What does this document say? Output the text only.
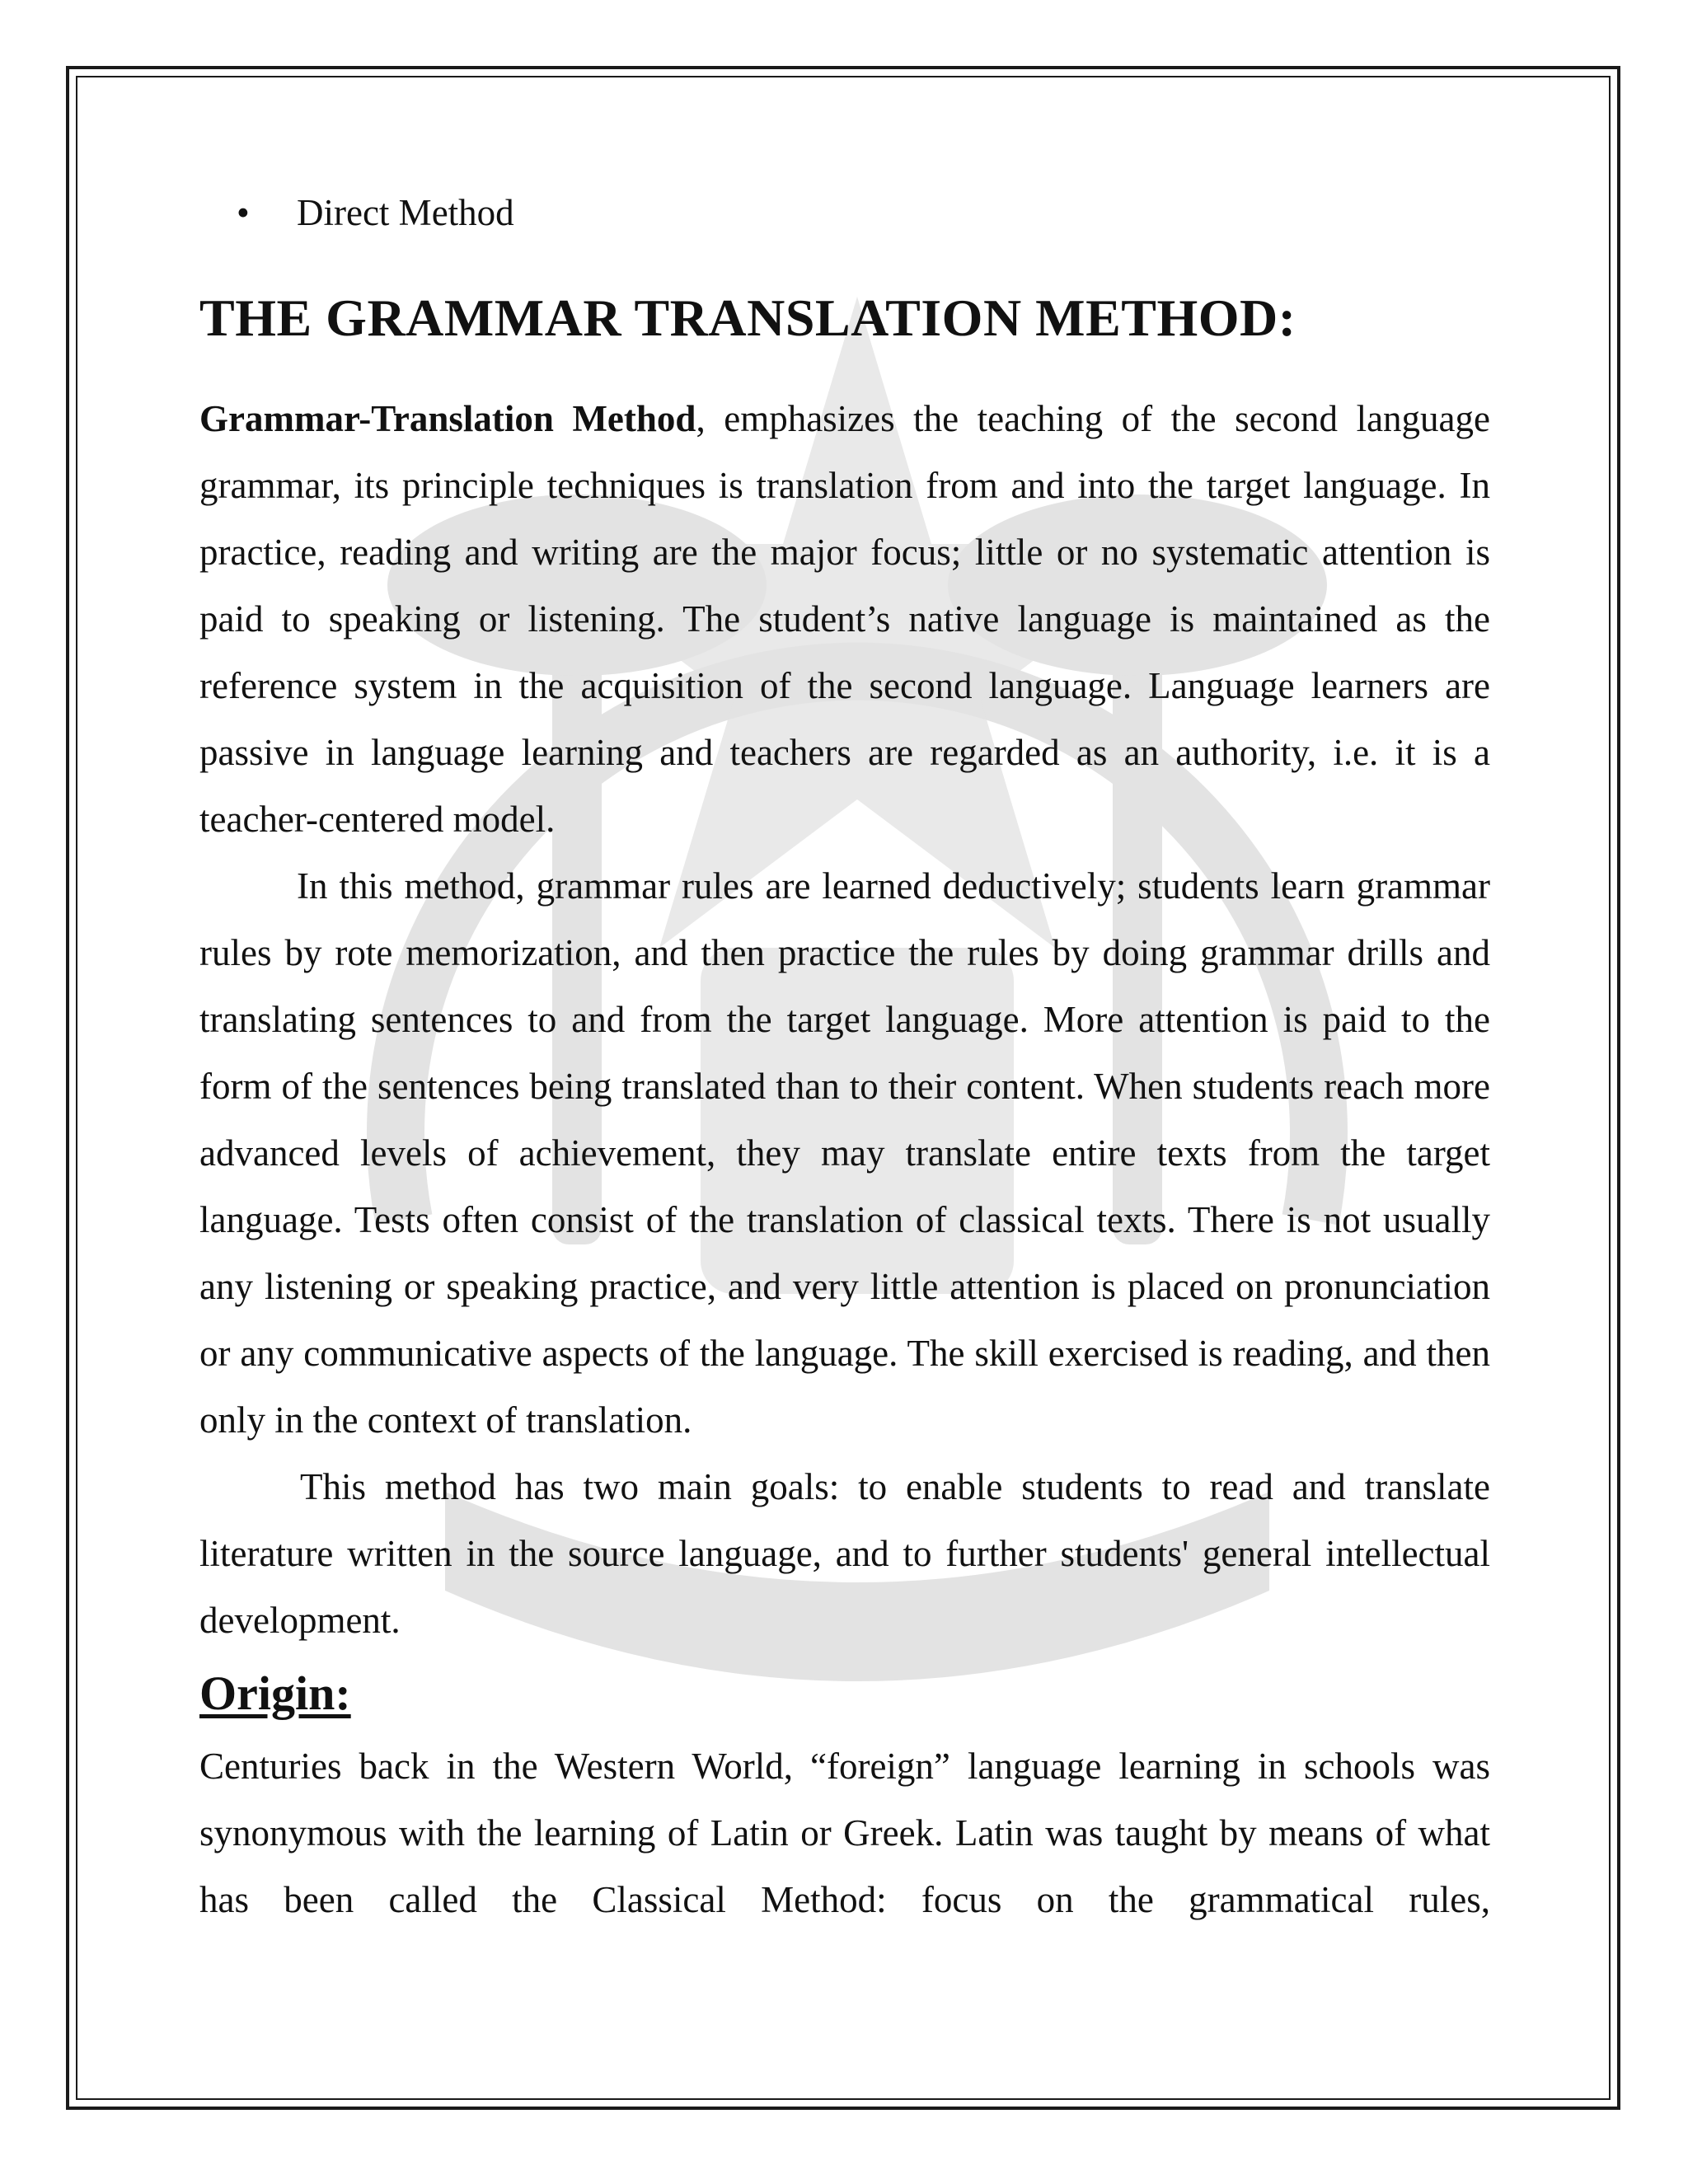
• Direct Method
THE GRAMMAR TRANSLATION METHOD:

Grammar-Translation Method, emphasizes the teaching of the second language grammar, its principle techniques is translation from and into the target language. In practice, reading and writing are the major focus; little or no systematic attention is paid to speaking or listening. The student’s native language is maintained as the reference system in the acquisition of the second language. Language learners are passive in language learning and teachers are regarded as an authority, i.e. it is a teacher-centered model.

In this method, grammar rules are learned deductively; students learn grammar rules by rote memorization, and then practice the rules by doing grammar drills and translating sentences to and from the target language. More attention is paid to the form of the sentences being translated than to their content. When students reach more advanced levels of achievement, they may translate entire texts from the target language. Tests often consist of the translation of classical texts. There is not usually any listening or speaking practice, and very little attention is placed on pronunciation or any communicative aspects of the language. The skill exercised is reading, and then only in the context of translation.

This method has two main goals: to enable students to read and translate literature written in the source language, and to further students' general intellectual development.

Origin:

Centuries back in the Western World, “foreign” language learning in schools was synonymous with the learning of Latin or Greek. Latin was taught by means of what has been called the Classical Method: focus on the grammatical rules,
